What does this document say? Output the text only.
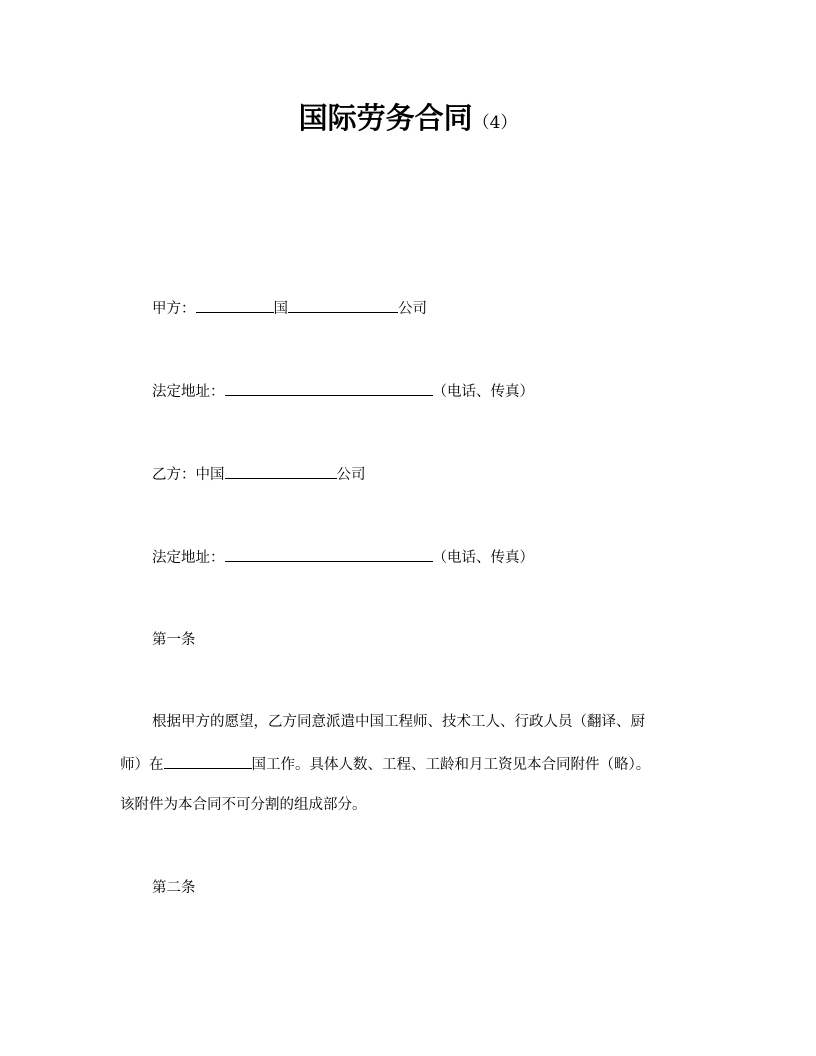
国际劳务合同（4）
甲方：	国	公司
法定地址：	（电话、传真）
乙方：中国	公司
法定地址：	（电话、传真）
第一条
根据甲方的愿望，乙方同意派遣中国工程师、技术工人、行政人员（翻译、厨
师）在	国工作。具体人数、工程、工龄和月工资见本合同附件（略）。
该附件为本合同不可分割的组成部分。
第二条
